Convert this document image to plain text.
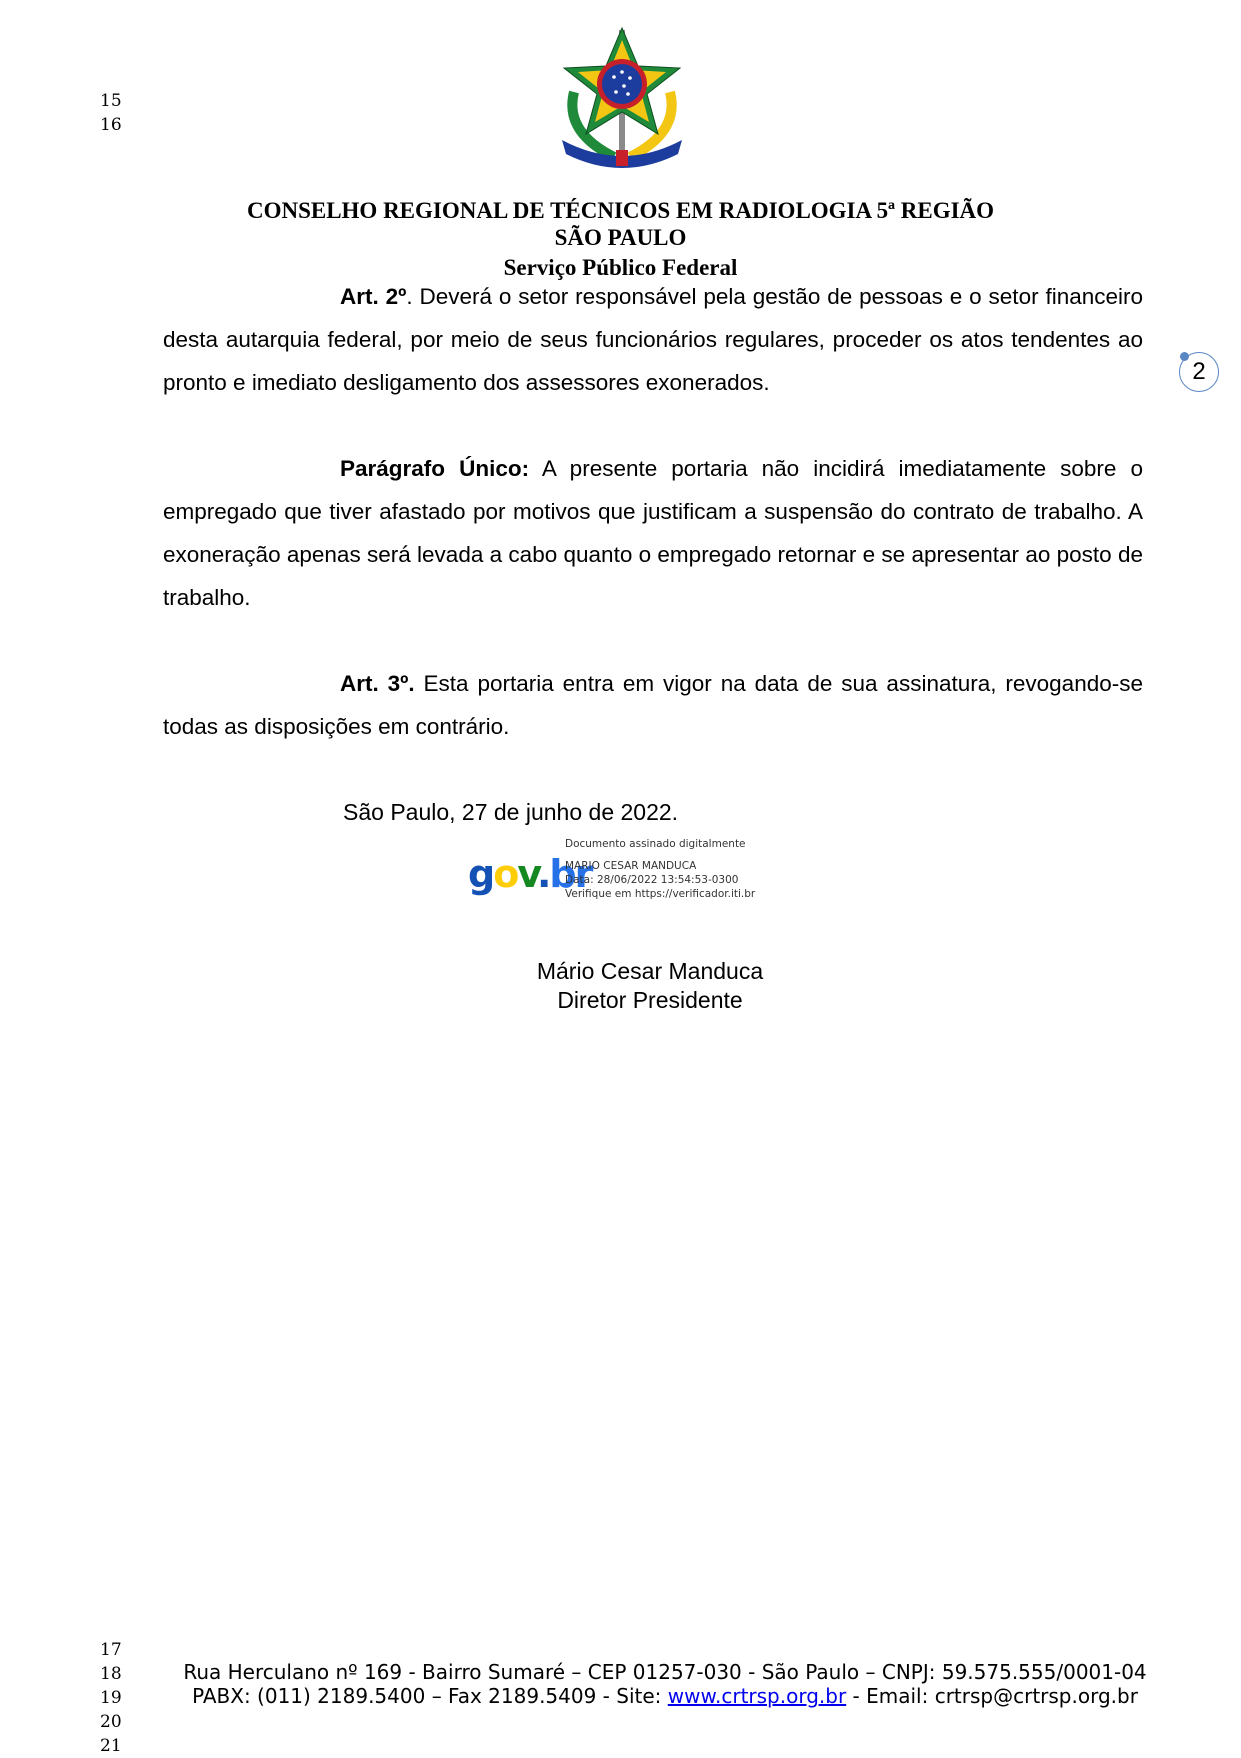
15
16
CONSELHO REGIONAL DE TÉCNICOS EM RADIOLOGIA 5ª REGIÃO
SÃO PAULO
Serviço Público Federal
2
Art. 2º. Deverá o setor responsável pela gestão de pessoas e o setor financeiro desta autarquia federal, por meio de seus funcionários regulares, proceder os atos tendentes ao pronto e imediato desligamento dos assessores exonerados.
Parágrafo Único: A presente portaria não incidirá imediatamente sobre o empregado que tiver afastado por motivos que justificam a suspensão do contrato de trabalho. A exoneração apenas será levada a cabo quanto o empregado retornar e se apresentar ao posto de trabalho.
Art. 3º. Esta portaria entra em vigor na data de sua assinatura, revogando-se todas as disposições em contrário.
São Paulo, 27 de junho de 2022.
Documento assinado digitalmente
gov.br
MARIO CESAR MANDUCA
Data: 28/06/2022 13:54:53-0300
Verifique em https://verificador.iti.br
Mário Cesar Manduca
Diretor Presidente
17
18
19
20
21
Rua Herculano nº 169 - Bairro Sumaré – CEP 01257-030 - São Paulo – CNPJ: 59.575.555/0001-04
PABX: (011) 2189.5400 – Fax 2189.5409 - Site: www.crtrsp.org.br - Email: crtrsp@crtrsp.org.br
